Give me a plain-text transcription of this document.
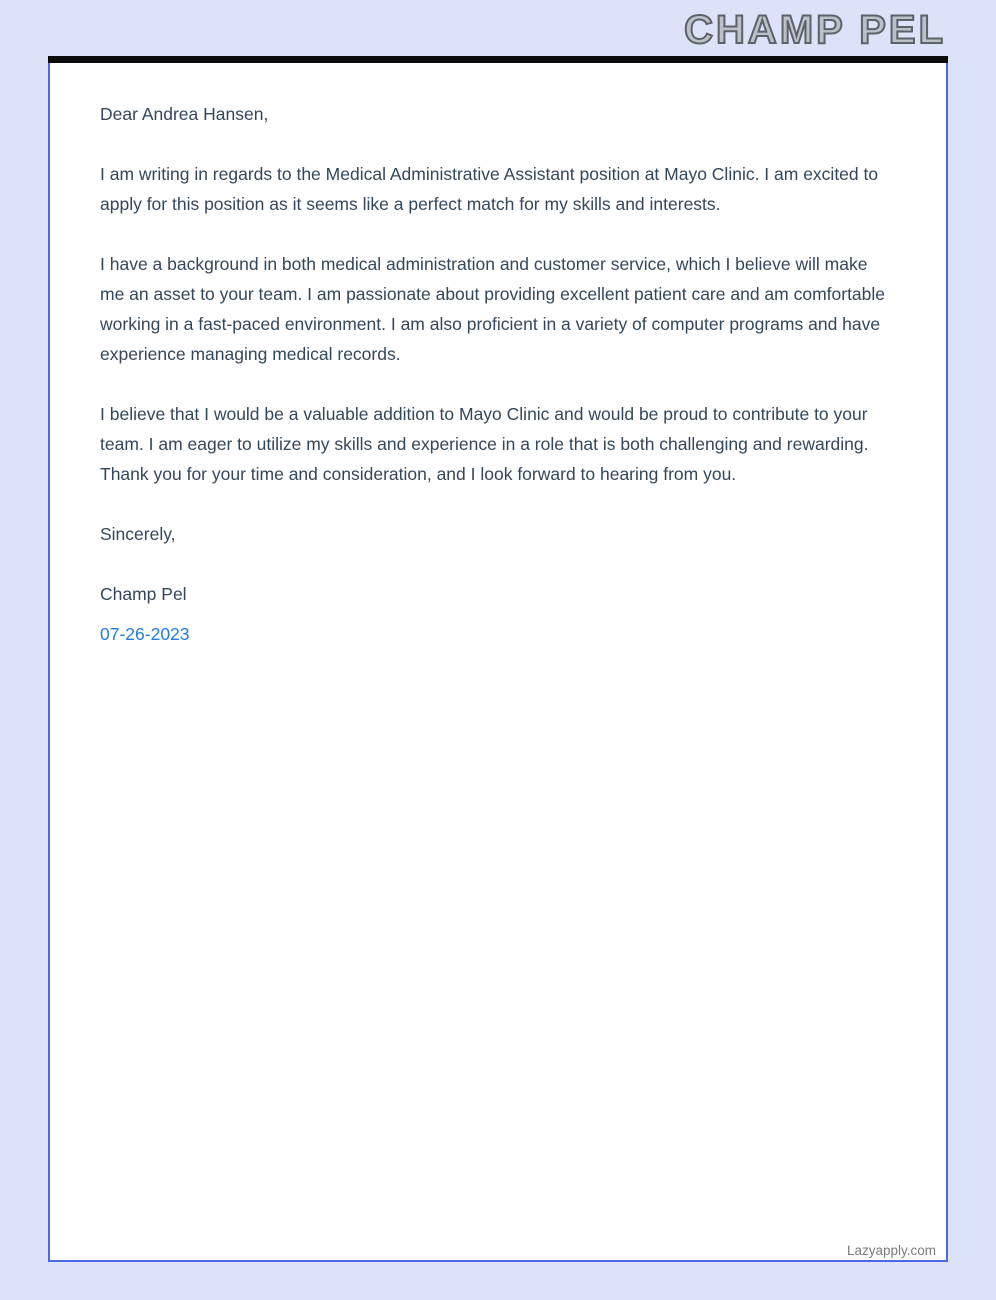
CHAMP PEL

Dear Andrea Hansen,

I am writing in regards to the Medical Administrative Assistant position at Mayo Clinic. I am excited to apply for this position as it seems like a perfect match for my skills and interests.

I have a background in both medical administration and customer service, which I believe will make me an asset to your team. I am passionate about providing excellent patient care and am comfortable working in a fast-paced environment. I am also proficient in a variety of computer programs and have experience managing medical records.

I believe that I would be a valuable addition to Mayo Clinic and would be proud to contribute to your team. I am eager to utilize my skills and experience in a role that is both challenging and rewarding. Thank you for your time and consideration, and I look forward to hearing from you.

Sincerely,

Champ Pel

07-26-2023

Lazyapply.com
